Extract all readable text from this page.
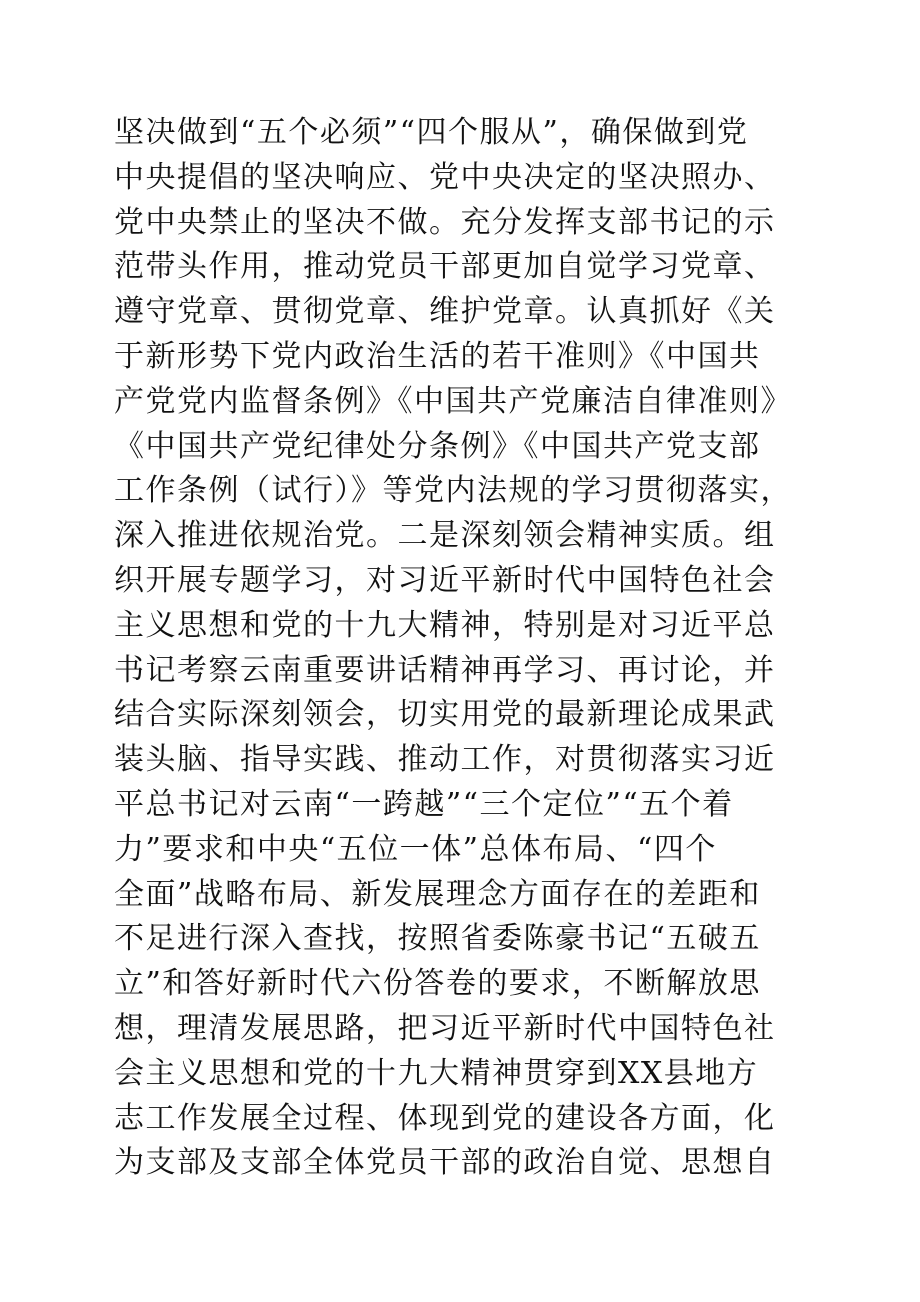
坚决做到“五个必须”“四个服从”，确保做到党
中央提倡的坚决响应、党中央决定的坚决照办、
党中央禁止的坚决不做。充分发挥支部书记的示
范带头作用，推动党员干部更加自觉学习党章、
遵守党章、贯彻党章、维护党章。认真抓好《关
于新形势下党内政治生活的若干准则》《中国共
产党党内监督条例》《中国共产党廉洁自律准则》
《中国共产党纪律处分条例》《中国共产党支部
工作条例（试行）》等党内法规的学习贯彻落实，
深入推进依规治党。二是深刻领会精神实质。组
织开展专题学习，对习近平新时代中国特色社会
主义思想和党的十九大精神，特别是对习近平总
书记考察云南重要讲话精神再学习、再讨论，并
结合实际深刻领会，切实用党的最新理论成果武
装头脑、指导实践、推动工作，对贯彻落实习近
平总书记对云南“一跨越”“三个定位”“五个着
力”要求和中央“五位一体”总体布局、“四个
全面”战略布局、新发展理念方面存在的差距和
不足进行深入查找，按照省委陈豪书记“五破五
立”和答好新时代六份答卷的要求，不断解放思
想，理清发展思路，把习近平新时代中国特色社
会主义思想和党的十九大精神贯穿到XX县地方
志工作发展全过程、体现到党的建设各方面，化
为支部及支部全体党员干部的政治自觉、思想自
